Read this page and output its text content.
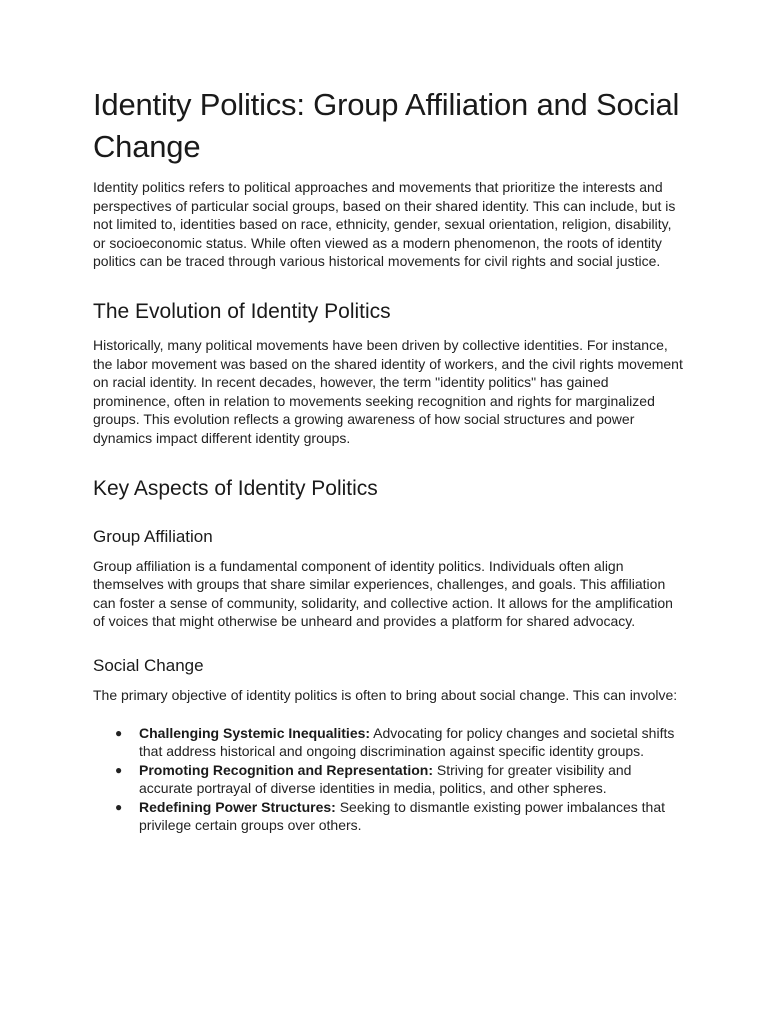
Identity Politics: Group Affiliation and Social Change

Identity politics refers to political approaches and movements that prioritize the interests and perspectives of particular social groups, based on their shared identity. This can include, but is not limited to, identities based on race, ethnicity, gender, sexual orientation, religion, disability, or socioeconomic status. While often viewed as a modern phenomenon, the roots of identity politics can be traced through various historical movements for civil rights and social justice.

The Evolution of Identity Politics

Historically, many political movements have been driven by collective identities. For instance, the labor movement was based on the shared identity of workers, and the civil rights movement on racial identity. In recent decades, however, the term "identity politics" has gained prominence, often in relation to movements seeking recognition and rights for marginalized groups. This evolution reflects a growing awareness of how social structures and power dynamics impact different identity groups.

Key Aspects of Identity Politics
Group Affiliation

Group affiliation is a fundamental component of identity politics. Individuals often align themselves with groups that share similar experiences, challenges, and goals. This affiliation can foster a sense of community, solidarity, and collective action. It allows for the amplification of voices that might otherwise be unheard and provides a platform for shared advocacy.

Social Change

The primary objective of identity politics is often to bring about social change. This can involve:

● Challenging Systemic Inequalities: Advocating for policy changes and societal shifts that address historical and ongoing discrimination against specific identity groups.
● Promoting Recognition and Representation: Striving for greater visibility and accurate portrayal of diverse identities in media, politics, and other spheres.
● Redefining Power Structures: Seeking to dismantle existing power imbalances that privilege certain groups over others.
